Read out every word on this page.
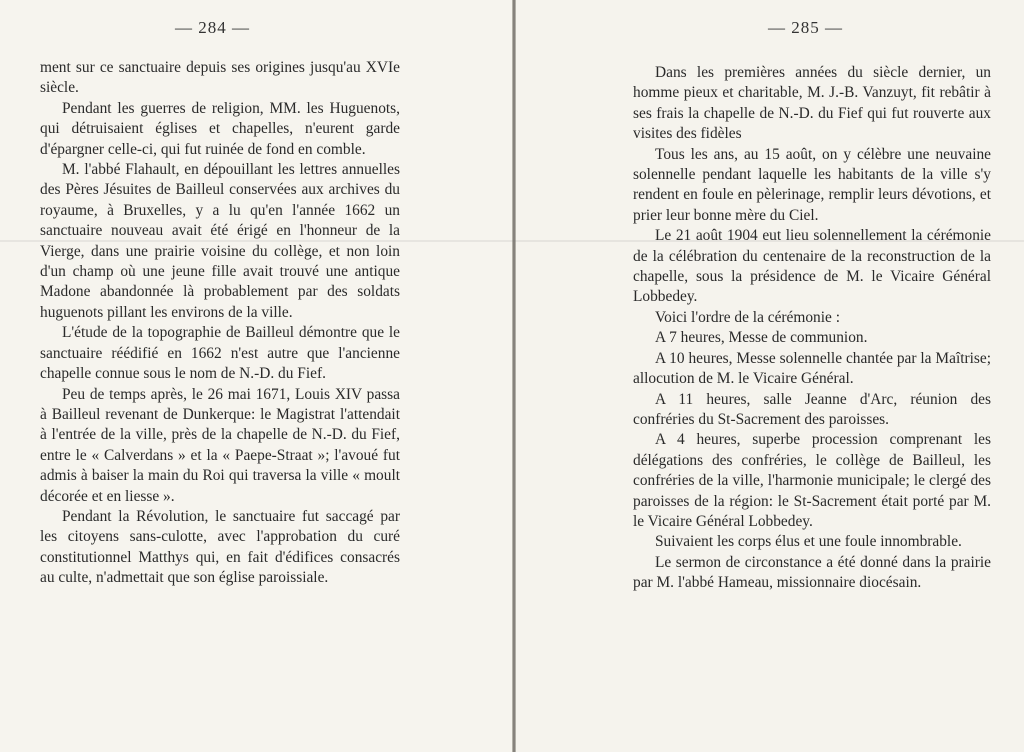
— 284 —

ment sur ce sanctuaire depuis ses origines jusqu'au XVIe siècle.

Pendant les guerres de religion, MM. les Huguenots, qui détruisaient églises et chapelles, n'eurent garde d'épargner celle-ci, qui fut ruinée de fond en comble.

M. l'abbé Flahault, en dépouillant les lettres annuelles des Pères Jésuites de Bailleul conservées aux archives du royaume, à Bruxelles, y a lu qu'en l'année 1662 un sanctuaire nouveau avait été érigé en l'honneur de la Vierge, dans une prairie voisine du collège, et non loin d'un champ où une jeune fille avait trouvé une antique Madone abandonnée là probablement par des soldats huguenots pillant les environs de la ville.

L'étude de la topographie de Bailleul démontre que le sanctuaire réédifié en 1662 n'est autre que l'ancienne chapelle connue sous le nom de N.-D. du Fief.

Peu de temps après, le 26 mai 1671, Louis XIV passa à Bailleul revenant de Dunkerque: le Magistrat l'attendait à l'entrée de la ville, près de la chapelle de N.-D. du Fief, entre le « Calverdans » et la « Paepe-Straat »; l'avoué fut admis à baiser la main du Roi qui traversa la ville « moult décorée et en liesse ».

Pendant la Révolution, le sanctuaire fut saccagé par les citoyens sans-culotte, avec l'approbation du curé constitutionnel Matthys qui, en fait d'édifices consacrés au culte, n'admettait que son église paroissiale.

— 285 —

Dans les premières années du siècle dernier, un homme pieux et charitable, M. J.-B. Vanzuyt, fit rebâtir à ses frais la chapelle de N.-D. du Fief qui fut rouverte aux visites des fidèles

Tous les ans, au 15 août, on y célèbre une neuvaine solennelle pendant laquelle les habitants de la ville s'y rendent en foule en pèlerinage, remplir leurs dévotions, et prier leur bonne mère du Ciel.

Le 21 août 1904 eut lieu solennellement la cérémonie de la célébration du centenaire de la reconstruction de la chapelle, sous la présidence de M. le Vicaire Général Lobbedey.

Voici l'ordre de la cérémonie :

A 7 heures, Messe de communion.

A 10 heures, Messe solennelle chantée par la Maîtrise; allocution de M. le Vicaire Général.

A 11 heures, salle Jeanne d'Arc, réunion des confréries du St-Sacrement des paroisses.

A 4 heures, superbe procession comprenant les délégations des confréries, le collège de Bailleul, les confréries de la ville, l'harmonie municipale; le clergé des paroisses de la région: le St-Sacrement était porté par M. le Vicaire Général Lobbedey.

Suivaient les corps élus et une foule innombrable.

Le sermon de circonstance a été donné dans la prairie par M. l'abbé Hameau, missionnaire diocésain.
